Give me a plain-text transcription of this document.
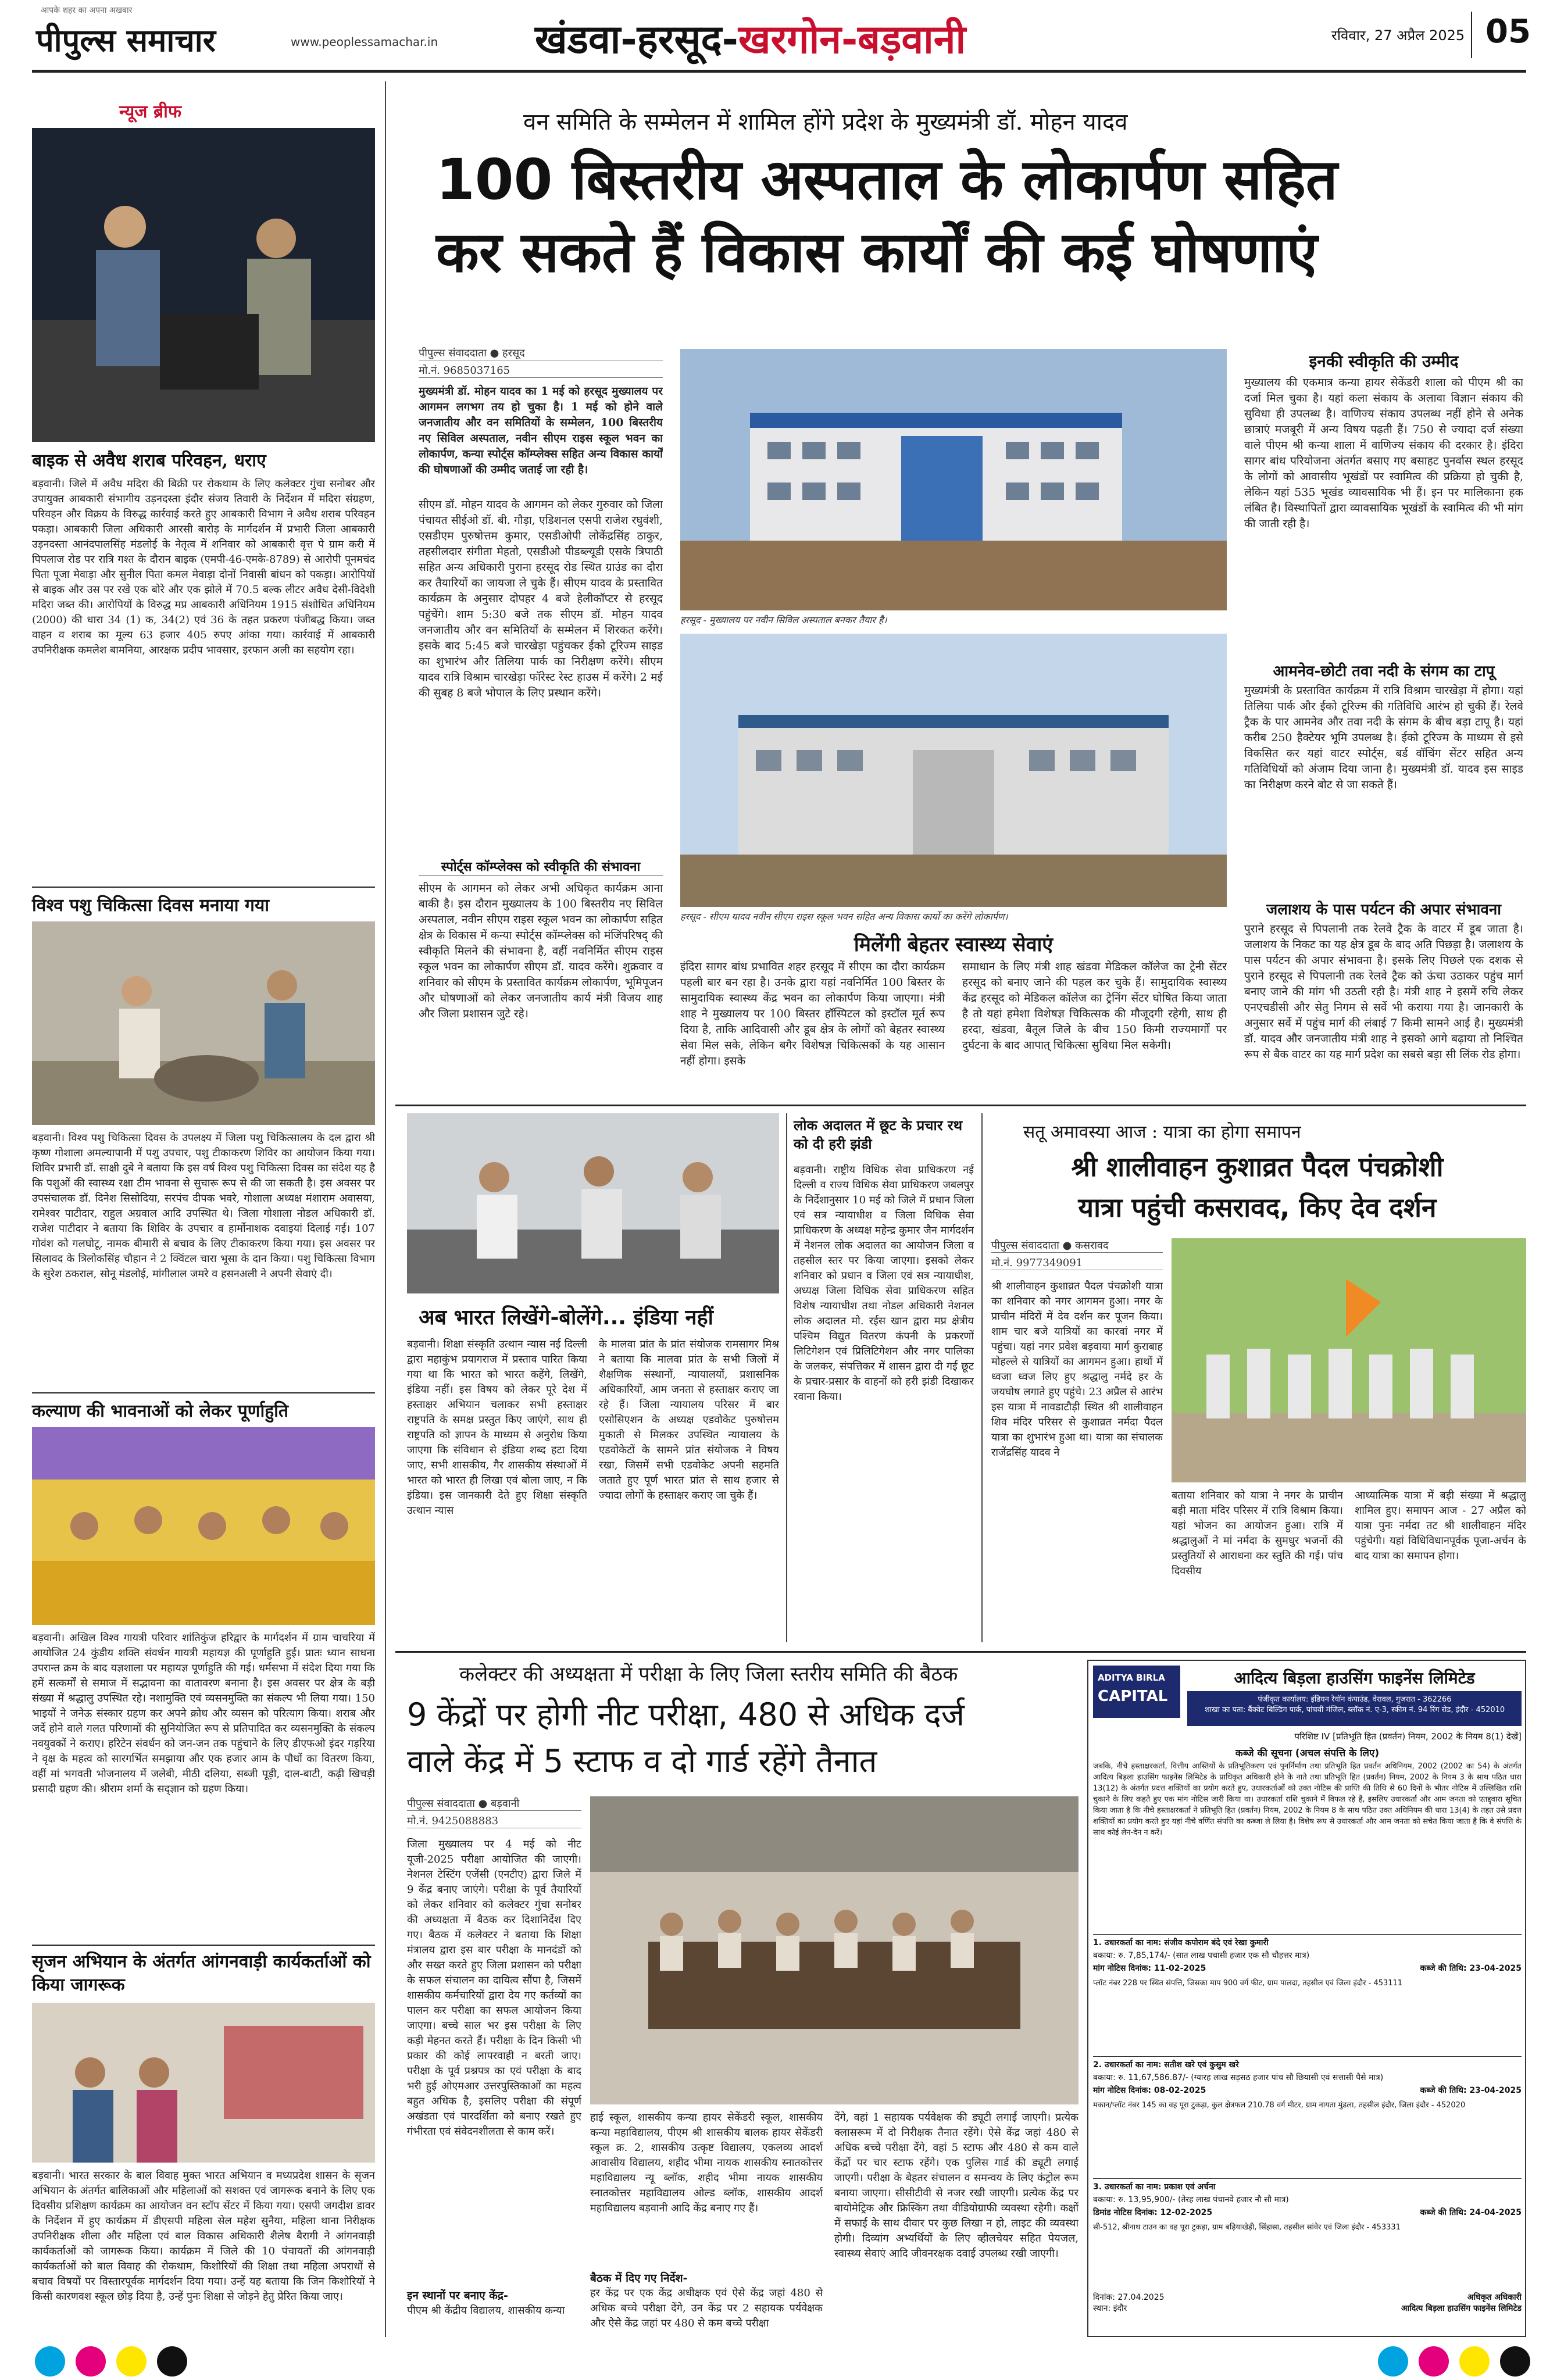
आपके शहर का अपना अखबार
पीपुल्स समाचार	www.peoplessamachar.in खंडवा-हरसूद-खरगोन-बड़वानी	रविवार, 27 अप्रैल 2025 05
न्यूज ब्रीफ
बाइक से अवैध शराब परिवहन, धराए
बड़वानी। जिले में अवैध मदिरा की बिक्री पर रोकथाम के लिए कलेक्टर गुंचा सनोबर और उपायुक्त आबकारी संभागीय उड़नदस्ता इंदौर संजय तिवारी के निर्देशन में मदिरा संग्रहण, परिवहन और विक्रय के विरुद्ध कार्रवाई करते हुए आबकारी विभाग ने अवैध शराब परिवहन पकड़ा। आबकारी जिला अधिकारी आरसी बारोड़ के मार्गदर्शन में प्रभारी जिला आबकारी उड़नदस्ता आनंदपालसिंह मंडलोई के नेतृत्व में शनिवार को आबकारी वृत्त पे ग्राम करी में पिपलाज रोड पर रात्रि गश्त के दौरान बाइक (एमपी-46-एमके-8789) से आरोपी पूनमचंद पिता पूजा मेवाड़ा और सुनील पिता कमल मेवाड़ा दोनों निवासी बांधन को पकड़ा। आरोपियों से बाइक और उस पर रखे एक बोरे और एक झोले में 70.5 बल्क लीटर अवैध देसी-विदेशी मदिरा जब्त की। आरोपियों के विरुद्ध मप्र आबकारी अधिनियम 1915 संशोधित अधिनियम (2000) की धारा 34 (1) क, 34(2) एवं 36 के तहत प्रकरण पंजीबद्ध किया। जब्त वाहन व शराब का मूल्य 63 हजार 405 रुपए आंका गया। कार्रवाई में आबकारी उपनिरीक्षक कमलेश बामनिया, आरक्षक प्रदीप भावसार, इरफान अली का सहयोग रहा।
विश्व पशु चिकित्सा दिवस मनाया गया
बड़वानी। विश्व पशु चिकित्सा दिवस के उपलक्ष्य में जिला पशु चिकित्सालय के दल द्वारा श्री कृष्ण गोशाला अमल्यापानी में पशु उपचार, पशु टीकाकरण शिविर का आयोजन किया गया। शिविर प्रभारी डॉ. साक्षी दुबे ने बताया कि इस वर्ष विश्व पशु चिकित्सा दिवस का संदेश यह है कि पशुओं की स्वास्थ्य रक्षा टीम भावना से सुचारू रूप से की जा सकती है। इस अवसर पर उपसंचालक डॉ. दिनेश सिसोदिया, सरपंच दीपक भवरे, गोशाला अध्यक्ष मंशाराम अवासया, रामेश्वर पाटीदार, राहुल अग्रवाल आदि उपस्थित थे। जिला गोशाला नोडल अधिकारी डॉ. राजेश पाटीदार ने बताया कि शिविर के उपचार व हार्मोनाशक दवाइयां दिलाई गई। 107 गोवंश को गलघोटू, नामक बीमारी से बचाव के लिए टीकाकरण किया गया। इस अवसर पर सिलावद के त्रिलोकसिंह चौहान ने 2 क्विंटल चारा भूसा के दान किया। पशु चिकित्सा विभाग के सुरेश ठकराल, सोनू मंडलोई, मांगीलाल जमरे व हसनअली ने अपनी सेवाएं दी।
कल्याण की भावनाओं को लेकर पूर्णाहुति
बड़वानी। अखिल विश्व गायत्री परिवार शांतिकुंज हरिद्वार के मार्गदर्शन में ग्राम चाचरिया में आयोजित 24 कुंडीय शक्ति संवर्धन गायत्री महायज्ञ की पूर्णाहुति हुई। प्रातः ध्यान साधना उपरान्त क्रम के बाद यज्ञशाला पर महायज्ञ पूर्णाहुति की गई। धर्मसभा में संदेश दिया गया कि हमें सत्कर्मों से समाज में सद्भावना का वातावरण बनाना है। इस अवसर पर क्षेत्र के बड़ी संख्या में श्रद्धालु उपस्थित रहे। नशामुक्ति एवं व्यसनमुक्ति का संकल्प भी लिया गया। 150 भाइयों ने जनेऊ संस्कार ग्रहण कर अपने क्रोध और व्यसन को परित्याग किया। शराब और जर्दे होने वाले गलत परिणामों की सुनियोजित रूप से प्रतिपादित कर व्यसनमुक्ति के संकल्प नवयुवकों ने कराए। हरिटेन संवर्धन को जन-जन तक पहुंचाने के लिए डीएफओ इंदर गड़रिया ने वृक्ष के महत्व को सारगर्भित समझाया और एक हजार आम के पौधों का वितरण किया, वहीं मां भगवती भोजनालय में जलेबी, मीठी दलिया, सब्जी पूड़ी, दाल-बाटी, कढ़ी खिचड़ी प्रसादी ग्रहण की। श्रीराम शर्मा के सद्ज्ञान को ग्रहण किया।
सृजन अभियान के अंतर्गत आंगनवाड़ी कार्यकर्ताओं को किया जागरूक
बड़वानी। भारत सरकार के बाल विवाह मुक्त भारत अभियान व मध्यप्रदेश शासन के सृजन अभियान के अंतर्गत बालिकाओं और महिलाओं को सशक्त एवं जागरूक बनाने के लिए एक दिवसीय प्रशिक्षण कार्यक्रम का आयोजन वन स्टॉप सेंटर में किया गया। एसपी जगदीश डावर के निर्देशन में हुए कार्यक्रम में डीएसपी महिला सेल महेश सुनैया, महिला थाना निरीक्षक उपनिरीक्षक शीला और महिला एवं बाल विकास अधिकारी शैलेष बैरागी ने आंगनवाड़ी कार्यकर्ताओं को जागरूक किया। कार्यक्रम में जिले की 10 पंचायतों की आंगनवाड़ी कार्यकर्ताओं को बाल विवाह की रोकथाम, किशोरियों की शिक्षा तथा महिला अपराधों से बचाव विषयों पर विस्तारपूर्वक मार्गदर्शन दिया गया। उन्हें यह बताया कि जिन किशोरियों ने किसी कारणवश स्कूल छोड़ दिया है, उन्हें पुनः शिक्षा से जोड़ने हेतु प्रेरित किया जाए।
वन समिति के सम्मेलन में शामिल होंगे प्रदेश के मुख्यमंत्री डॉ. मोहन यादव
100 बिस्तरीय अस्पताल के लोकार्पण सहित
कर सकते हैं विकास कार्यों की कई घोषणाएं
पीपुल्स संवाददाता ● हरसूद
मो.नं. 9685037165
मुख्यमंत्री डॉ. मोहन यादव का 1 मई को हरसूद मुख्यालय पर आगमन लगभग तय हो चुका है। 1 मई को होने वाले जनजातीय और वन समितियों के सम्मेलन, 100 बिस्तरीय नए सिविल अस्पताल, नवीन सीएम राइस स्कूल भवन का लोकार्पण, कन्या स्पोर्ट्स कॉम्प्लेक्स सहित अन्य विकास कार्यों की घोषणाओं की उम्मीद जताई जा रही है।
सीएम डॉ. मोहन यादव के आगमन को लेकर गुरुवार को जिला पंचायत सीईओ डॉ. बी. गौड़ा, एडिशनल एसपी राजेश रघुवंशी, एसडीएम पुरुषोत्तम कुमार, एसडीओपी लोकेंद्रसिंह ठाकुर, तहसीलदार संगीता मेहतो, एसडीओ पीडब्ल्यूडी एसके त्रिपाठी सहित अन्य अधिकारी पुराना हरसूद रोड स्थित ग्राउंड का दौरा कर तैयारियों का जायजा ले चुके हैं। सीएम यादव के प्रस्तावित कार्यक्रम के अनुसार दोपहर 4 बजे हेलीकॉप्टर से हरसूद पहुंचेंगे। शाम 5:30 बजे तक सीएम डॉ. मोहन यादव जनजातीय और वन समितियों के सम्मेलन में शिरकत करेंगे। इसके बाद 5:45 बजे चारखेड़ा पहुंचकर ईको टूरिज्म साइड का शुभारंभ और तिलिया पार्क का निरीक्षण करेंगे। सीएम यादव रात्रि विश्राम चारखेड़ा फॉरेस्ट रेस्ट हाउस में करेंगे। 2 मई की सुबह 8 बजे भोपाल के लिए प्रस्थान करेंगे।
स्पोर्ट्स कॉम्प्लेक्स को स्वीकृति की संभावना
सीएम के आगमन को लेकर अभी अधिकृत कार्यक्रम आना बाकी है। इस दौरान मुख्यालय के 100 बिस्तरीय नए सिविल अस्पताल, नवीन सीएम राइस स्कूल भवन का लोकार्पण सहित क्षेत्र के विकास में कन्या स्पोर्ट्स कॉम्प्लेक्स को मंजिंपरिषद् की स्वीकृति मिलने की संभावना है, वहीं नवनिर्मित सीएम राइस स्कूल भवन का लोकार्पण सीएम डॉ. यादव करेंगे। शुक्रवार व शनिवार को सीएम के प्रस्तावित कार्यक्रम लोकार्पण, भूमिपूजन और घोषणाओं को लेकर जनजातीय कार्य मंत्री विजय शाह और जिला प्रशासन जुटे रहे।
हरसूद - मुख्यालय पर नवीन सिविल अस्पताल बनकर तैयार है।
हरसूद - सीएम यादव नवीन सीएम राइस स्कूल भवन सहित अन्य विकास कार्यों का करेंगे लोकार्पण।
मिलेंगी बेहतर स्वास्थ्य सेवाएं
इंदिरा सागर बांध प्रभावित शहर हरसूद में सीएम का दौरा कार्यक्रम पहली बार बन रहा है। उनके द्वारा यहां नवनिर्मित 100 बिस्तर के सामुदायिक स्वास्थ्य केंद्र भवन का लोकार्पण किया जाएगा। मंत्री शाह ने मुख्यालय पर 100 बिस्तर हॉस्पिटल को इस्टॉल मूर्त रूप दिया है, ताकि आदिवासी और डूब क्षेत्र के लोगों को बेहतर स्वास्थ्य सेवा मिल सके, लेकिन बगैर विशेषज्ञ चिकित्सकों के यह आसान नहीं होगा। इसके
समाधान के लिए मंत्री शाह खंडवा मेडिकल कॉलेज का ट्रेनी सेंटर हरसूद को बनाए जाने की पहल कर चुके हैं। सामुदायिक स्वास्थ्य केंद्र हरसूद को मेडिकल कॉलेज का ट्रेनिंग सेंटर घोषित किया जाता है तो यहां हमेशा विशेषज्ञ चिकित्सक की मौजूदगी रहेगी, साथ ही हरदा, खंडवा, बैतूल जिले के बीच 150 किमी राज्यमार्गों पर दुर्घटना के बाद आपात् चिकित्सा सुविधा मिल सकेगी।
इनकी स्वीकृति की उम्मीद
मुख्यालय की एकमात्र कन्या हायर सेकेंडरी शाला को पीएम श्री का दर्जा मिल चुका है। यहां कला संकाय के अलावा विज्ञान संकाय की सुविधा ही उपलब्ध है। वाणिज्य संकाय उपलब्ध नहीं होने से अनेक छात्राएं मजबूरी में अन्य विषय पढ़ती हैं। 750 से ज्यादा दर्ज संख्या वाले पीएम श्री कन्या शाला में वाणिज्य संकाय की दरकार है। इंदिरा सागर बांध परियोजना अंतर्गत बसाए गए बसाहट पुनर्वास स्थल हरसूद के लोगों को आवासीय भूखंडों पर स्वामित्व की प्रक्रिया हो चुकी है, लेकिन यहां 535 भूखंड व्यावसायिक भी हैं। इन पर मालिकाना हक लंबित है। विस्थापितों द्वारा व्यावसायिक भूखंडों के स्वामित्व की भी मांग की जाती रही है।
आमनेव-छोटी तवा नदी के संगम का टापू
मुख्यमंत्री के प्रस्तावित कार्यक्रम में रात्रि विश्राम चारखेड़ा में होगा। यहां तिलिया पार्क और ईको टूरिज्म की गतिविधि आरंभ हो चुकी हैं। रेलवे ट्रैक के पार आमनेव और तवा नदी के संगम के बीच बड़ा टापू है। यहां करीब 250 हैक्टेयर भूमि उपलब्ध है। ईको टूरिज्म के माध्यम से इसे विकसित कर यहां वाटर स्पोर्ट्स, बर्ड वॉचिंग सेंटर सहित अन्य गतिविधियों को अंजाम दिया जाना है। मुख्यमंत्री डॉ. यादव इस साइड का निरीक्षण करने बोट से जा सकते हैं।
जलाशय के पास पर्यटन की अपार संभावना
पुराने हरसूद से पिपलानी तक रेलवे ट्रैक के वाटर में डूब जाता है। जलाशय के निकट का यह क्षेत्र डूब के बाद अति पिछड़ा है। जलाशय के पास पर्यटन की अपार संभावना है। इसके लिए पिछले एक दशक से पुराने हरसूद से पिपलानी तक रेलवे ट्रैक को ऊंचा उठाकर पहुंच मार्ग बनाए जाने की मांग भी उठती रही है। मंत्री शाह ने इसमें रुचि लेकर एनएचडीसी और सेतु निगम से सर्वे भी कराया गया है। जानकारी के अनुसार सर्वे में पहुंच मार्ग की लंबाई 7 किमी सामने आई है। मुख्यमंत्री डॉ. यादव और जनजातीय मंत्री शाह ने इसको आगे बढ़ाया तो निश्चित रूप से बैक वाटर का यह मार्ग प्रदेश का सबसे बड़ा सी लिंक रोड होगा।
अब भारत लिखेंगे-बोलेंगे... इंडिया नहीं
बड़वानी। शिक्षा संस्कृति उत्थान न्यास नई दिल्ली द्वारा महाकुंभ प्रयागराज में प्रस्ताव पारित किया गया था कि भारत को भारत कहेंगे, लिखेंगे, इंडिया नहीं। इस विषय को लेकर पूरे देश में हस्ताक्षर अभियान चलाकर सभी हस्ताक्षर राष्ट्रपति के समक्ष प्रस्तुत किए जाएंगे, साथ ही राष्ट्रपति को ज्ञापन के माध्यम से अनुरोध किया जाएगा कि संविधान से इंडिया शब्द हटा दिया जाए, सभी शासकीय, गैर शासकीय संस्थाओं में भारत को भारत ही लिखा एवं बोला जाए, न कि इंडिया। इस जानकारी देते हुए शिक्षा संस्कृति उत्थान न्यास
के मालवा प्रांत के प्रांत संयोजक रामसागर मिश्र ने बताया कि मालवा प्रांत के सभी जिलों में शैक्षणिक संस्थानों, न्यायालयों, प्रशासनिक अधिकारियों, आम जनता से हस्ताक्षर कराए जा रहे हैं। जिला न्यायालय परिसर में बार एसोसिएशन के अध्यक्ष एडवोकेट पुरुषोत्तम मुकाती से मिलकर उपस्थित न्यायालय के एडवोकेटों के सामने प्रांत संयोजक ने विषय रखा, जिसमें सभी एडवोकेट अपनी सहमति जताते हुए पूर्ण भारत प्रांत से साथ हजार से ज्यादा लोगों के हस्ताक्षर कराए जा चुके हैं।
लोक अदालत में छूट के प्रचार रथ को दी हरी झंडी
बड़वानी। राष्ट्रीय विधिक सेवा प्राधिकरण नई दिल्ली व राज्य विधिक सेवा प्राधिकरण जबलपुर के निर्देशानुसार 10 मई को जिले में प्रधान जिला एवं सत्र न्यायाधीश व जिला विधिक सेवा प्राधिकरण के अध्यक्ष महेन्द्र कुमार जैन मार्गदर्शन में नेशनल लोक अदालत का आयोजन जिला व तहसील स्तर पर किया जाएगा। इसको लेकर शनिवार को प्रधान व जिला एवं सत्र न्यायाधीश, अध्यक्ष जिला विधिक सेवा प्राधिकरण सहित विशेष न्यायाधीश तथा नोडल अधिकारी नेशनल लोक अदालत मो. रईस खान द्वारा मप्र क्षेत्रीय पश्चिम विद्युत वितरण कंपनी के प्रकरणों लिटिगेशन एवं प्रिलिटिगेशन और नगर पालिका के जलकर, संपत्तिकर में शासन द्वारा दी गई छूट के प्रचार-प्रसार के वाहनों को हरी झंडी दिखाकर रवाना किया।
सतू अमावस्या आज : यात्रा का होगा समापन
श्री शालीवाहन कुशाव्रत पैदल पंचक्रोशी
यात्रा पहुंची कसरावद, किए देव दर्शन
पीपुल्स संवाददाता ● कसरावद
मो.नं. 9977349091
श्री शालीवाहन कुशाव्रत पैदल पंचक्रोशी यात्रा का शनिवार को नगर आगमन हुआ। नगर के प्राचीन मंदिरों में देव दर्शन कर पूजन किया। शाम चार बजे यात्रियों का कारवां नगर में पहुंचा। यहां नगर प्रवेश बड़वाया मार्ग कुराबाह मोहल्ले से यात्रियों का आगमन हुआ। हाथों में ध्वजा ध्वज लिए हुए श्रद्धालु नर्मदे हर के जयघोष लगाते हुए पहुंचे। 23 अप्रैल से आरंभ इस यात्रा में नावडाटौड़ी स्थित श्री शालीवाहन शिव मंदिर परिसर से कुशाव्रत नर्मदा पैदल यात्रा का शुभारंभ हुआ था। यात्रा का संचालक राजेंद्रसिंह यादव ने
बताया शनिवार को यात्रा ने नगर के प्राचीन बड़ी माता मंदिर परिसर में रात्रि विश्राम किया। यहां भोजन का आयोजन हुआ। रात्रि में श्रद्धालुओं ने मां नर्मदा के सुमधुर भजनों की प्रस्तुतियों से आराधना कर स्तुति की गई। पांच दिवसीय
आध्यात्मिक यात्रा में बड़ी संख्या में श्रद्धालु शामिल हुए। समापन आज - 27 अप्रैल को यात्रा पुनः नर्मदा तट श्री शालीवाहन मंदिर पहुंचेगी। यहां विधिविधानपूर्वक पूजा-अर्चन के बाद यात्रा का समापन होगा।
कलेक्टर की अध्यक्षता में परीक्षा के लिए जिला स्तरीय समिति की बैठक
9 केंद्रों पर होगी नीट परीक्षा, 480 से अधिक दर्ज
वाले केंद्र में 5 स्टाफ व दो गार्ड रहेंगे तैनात
पीपुल्स संवाददाता ● बड़वानी
मो.नं. 9425088883
जिला मुख्यालय पर 4 मई को नीट यूजी-2025 परीक्षा आयोजित की जाएगी। नेशनल टेस्टिंग एजेंसी (एनटीए) द्वारा जिले में 9 केंद्र बनाए जाएंगे। परीक्षा के पूर्व तैयारियों को लेकर शनिवार को कलेक्टर गुंचा सनोबर की अध्यक्षता में बैठक कर दिशानिर्देश दिए गए। बैठक में कलेक्टर ने बताया कि शिक्षा मंत्रालय द्वारा इस बार परीक्षा के मानदंडों को और सख्त करते हुए जिला प्रशासन को परीक्षा के सफल संचालन का दायित्व सौंपा है, जिसमें शासकीय कर्मचारियों द्वारा देय गए कर्तव्यों का पालन कर परीक्षा का सफल आयोजन किया जाएगा। बच्चे साल भर इस परीक्षा के लिए कड़ी मेहनत करते हैं। परीक्षा के दिन किसी भी प्रकार की कोई लापरवाही न बरती जाए। परीक्षा के पूर्व प्रश्नपत्र का एवं परीक्षा के बाद भरी हुई ओएमआर उत्तरपुस्तिकाओं का महत्व बहुत अधिक है, इसलिए परीक्षा की संपूर्ण अखंडता एवं पारदर्शिता को बनाए रखते हुए गंभीरता एवं संवेदनशीलता से काम करें।
इन स्थानों पर बनाए केंद्र-
पीएम श्री केंद्रीय विद्यालय, शासकीय कन्या
हाई स्कूल, शासकीय कन्या हायर सेकेंडरी स्कूल, शासकीय कन्या महाविद्यालय, पीएम श्री शासकीय बालक हायर सेकेंडरी स्कूल क्र. 2, शासकीय उत्कृष्ट विद्यालय, एकलव्य आदर्श आवासीय विद्यालय, शहीद भीमा नायक शासकीय स्नातकोत्तर महाविद्यालय न्यू ब्लॉक, शहीद भीमा नायक शासकीय स्नातकोत्तर महाविद्यालय ओल्ड ब्लॉक, शासकीय आदर्श महाविद्यालय बड़वानी आदि केंद्र बनाए गए हैं।
बैठक में दिए गए निर्देश-
हर केंद्र पर एक केंद्र अधीक्षक एवं ऐसे केंद्र जहां 480 से अधिक बच्चे परीक्षा देंगे, उन केंद्र पर 2 सहायक पर्यवेक्षक और ऐसे केंद्र जहां पर 480 से कम बच्चे परीक्षा
देंगे, वहां 1 सहायक पर्यवेक्षक की ड्यूटी लगाई जाएगी। प्रत्येक क्लासरूम में दो निरीक्षक तैनात रहेंगे। ऐसे केंद्र जहां 480 से अधिक बच्चे परीक्षा देंगे, वहां 5 स्टाफ और 480 से कम वाले केंद्रों पर चार स्टाफ रहेंगे। एक पुलिस गार्ड की ड्यूटी लगाई जाएगी। परीक्षा के बेहतर संचालन व समन्वय के लिए कंट्रोल रूम बनाया जाएगा। सीसीटीवी से नजर रखी जाएगी। प्रत्येक केंद्र पर बायोमेट्रिक और फ्रिस्किंग तथा वीडियोग्राफी व्यवस्था रहेगी। कक्षों में सफाई के साथ दीवार पर कुछ लिखा न हो, लाइट की व्यवस्था होगी। दिव्यांग अभ्यर्थियों के लिए व्हीलचेयर सहित पेयजल, स्वास्थ्य सेवाएं आदि जीवनरक्षक दवाई उपलब्ध रखी जाएगी।
ADITYA BIRLA
CAPITAL
आदित्य बिड़ला हाउसिंग फाइनेंस लिमिटेड
पंजीकृत कार्यालय: इंडियन रेयॉन कंपाउंड, वेरावल, गुजरात - 362266
शाखा का पता: बैंक्वेट बिल्डिंग पार्क, पांचवीं मंजिल, ब्लॉक नं. ए-3, स्कीम नं. 94 रिंग रोड, इंदौर - 452010
परिशिष्ट IV [प्रतिभूति हित (प्रवर्तन) नियम, 2002 के नियम 8(1) देखें]
कब्जे की सूचना (अचल संपत्ति के लिए)
जबकि, नीचे हस्ताक्षरकर्ता, वित्तीय आस्तियों के प्रतिभूतिकरण एवं पुनर्निर्माण तथा प्रतिभूति हित प्रवर्तन अधिनियम, 2002 (2002 का 54) के अंतर्गत आदित्य बिड़ला हाउसिंग फाइनेंस लिमिटेड के प्राधिकृत अधिकारी होने के नाते तथा प्रतिभूति हित (प्रवर्तन) नियम, 2002 के नियम 3 के साथ पठित धारा 13(12) के अंतर्गत प्रदत्त शक्तियों का प्रयोग करते हुए, उधारकर्ताओं को उक्त नोटिस की प्राप्ति की तिथि से 60 दिनों के भीतर नोटिस में उल्लिखित राशि चुकाने के लिए कहते हुए एक मांग नोटिस जारी किया था। उधारकर्ता राशि चुकाने में विफल रहे हैं, इसलिए उधारकर्ता और आम जनता को एतद्द्वारा सूचित किया जाता है कि नीचे हस्ताक्षरकर्ता ने प्रतिभूति हित (प्रवर्तन) नियम, 2002 के नियम 8 के साथ पठित उक्त अधिनियम की धारा 13(4) के तहत उसे प्रदत्त शक्तियों का प्रयोग करते हुए यहां नीचे वर्णित संपत्ति का कब्जा ले लिया है। विशेष रूप से उधारकर्ता और आम जनता को सचेत किया जाता है कि वे संपत्ति के साथ कोई लेन-देन न करें।
1. उधारकर्ता का नाम: संजीव कपोराम बंदे एवं रेखा कुमारी
बकाया: रु. 7,85,174/- (सात लाख पचासी हजार एक सौ चौहत्तर मात्र)
मांग नोटिस दिनांक: 11-02-2025	कब्जे की तिथि: 23-04-2025
प्लॉट नंबर 228 पर स्थित संपत्ति, जिसका माप 900 वर्ग फीट, ग्राम पालदा, तहसील एवं जिला इंदौर - 453111
2. उधारकर्ता का नाम: सतीश खरे एवं कुसुम खरे
बकाया: रु. 11,67,586.87/- (ग्यारह लाख सड़सठ हजार पांच सौ छियासी एवं सत्तासी पैसे मात्र)
मांग नोटिस दिनांक: 08-02-2025	कब्जे की तिथि: 23-04-2025
मकान/प्लॉट नंबर 145 का वह पूरा टुकड़ा, कुल क्षेत्रफल 210.78 वर्ग मीटर, ग्राम नायता मुंडला, तहसील इंदौर, जिला इंदौर - 452020
3. उधारकर्ता का नाम: प्रकाश एवं अर्चना
बकाया: रु. 13,95,900/- (तेरह लाख पंचानवे हजार नौ सौ मात्र)
डिमांड नोटिस दिनांक: 12-02-2025	कब्जे की तिथि: 24-04-2025
सी-512, श्रीनाथ टाउन का वह पूरा टुकड़ा, ग्राम बड़ियाखेड़ी, सिंहासा, तहसील सांवेर एवं जिला इंदौर - 453331
दिनांक: 27.04.2025
स्थान: इंदौर
अधिकृत अधिकारी
आदित्य बिड़ला हाउसिंग फाइनेंस लिमिटेड
